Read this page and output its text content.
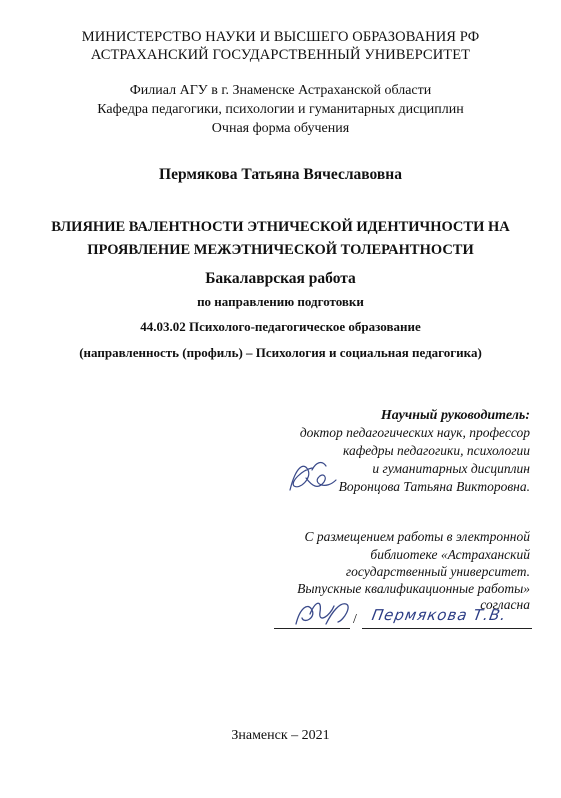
МИНИСТЕРСТВО НАУКИ И ВЫСШЕГО ОБРАЗОВАНИЯ РФ
АСТРАХАНСКИЙ ГОСУДАРСТВЕННЫЙ УНИВЕРСИТЕТ
Филиал АГУ в г. Знаменске Астраханской области
Кафедра педагогики, психологии и гуманитарных дисциплин
Очная форма обучения
Пермякова Татьяна Вячеславовна
ВЛИЯНИЕ ВАЛЕНТНОСТИ ЭТНИЧЕСКОЙ ИДЕНТИЧНОСТИ НА
ПРОЯВЛЕНИЕ МЕЖЭТНИЧЕСКОЙ ТОЛЕРАНТНОСТИ
Бакалаврская работа
по направлению подготовки
44.03.02 Психолого-педагогическое образование
(направленность (профиль) – Психология и социальная педагогика)
Научный руководитель:
доктор педагогических наук, профессор
кафедры педагогики, психологии
и гуманитарных дисциплин
Воронцова Татьяна Викторовна.
С размещением работы в электронной
библиотеке «Астраханский
государственный университет.
Выпускные квалификационные работы»
согласна
/ Пермякова Т.В.
Знаменск – 2021
